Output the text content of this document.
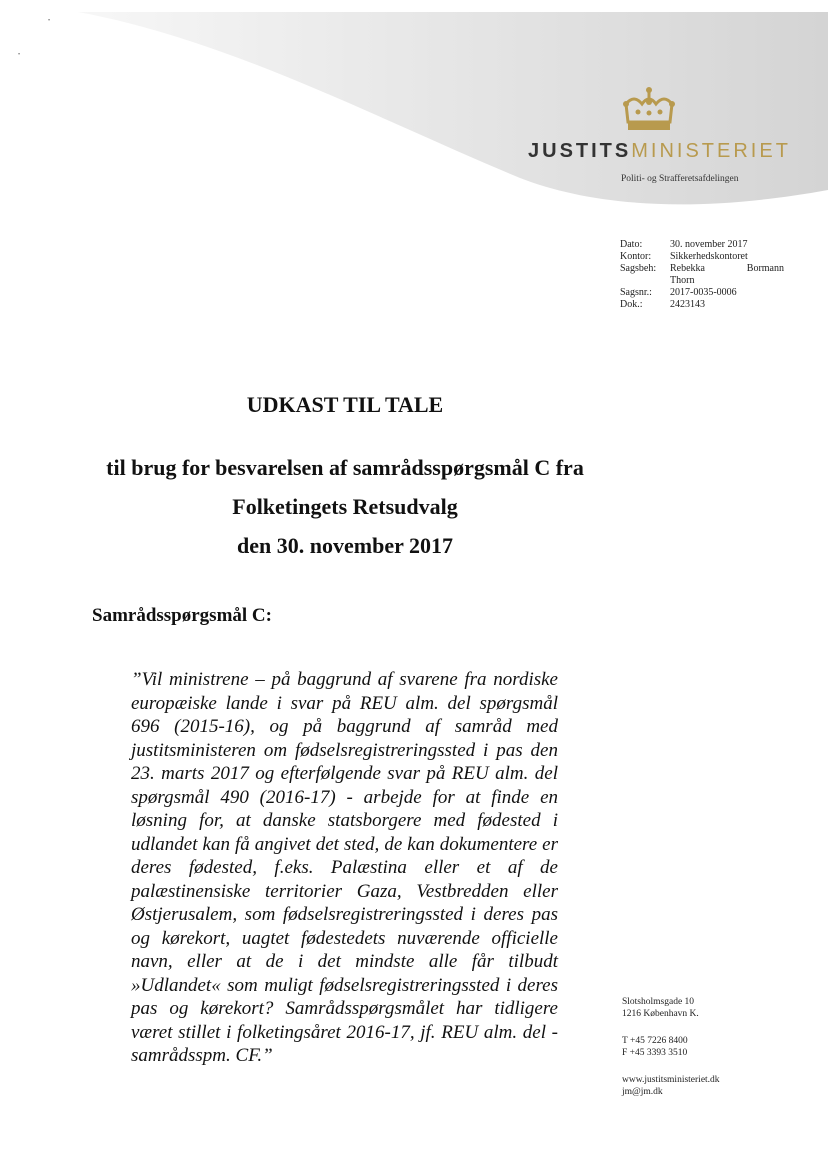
•
•
JUSTITSMINISTERIET
Politi- og Strafferetsafdelingen
Dato:	30. november 2017
Kontor:	Sikkerhedskontoret
Sagsbeh:	Rebekka	Bormann
Thorn
Sagsnr.:	2017-0035-0006
Dok.:	2423143
UDKAST TIL TALE
til brug for besvarelsen af samrådsspørgsmål C fra
Folketingets Retsudvalg
den 30. november 2017
Samrådsspørgsmål C:
”Vil ministrene – på baggrund af svarene fra nordiske europæiske lande i svar på REU alm. del spørgsmål 696 (2015-16), og på baggrund af samråd med justitsministeren om fødselsregistreringssted i pas den 23. marts 2017 og efterfølgende svar på REU alm. del spørgsmål 490 (2016-17) - arbejde for at finde en løsning for, at danske statsborgere med fødested i udlandet kan få angivet det sted, de kan dokumentere er deres fødested, f.eks. Palæstina eller et af de palæstinensiske territorier Gaza, Vestbredden eller Østjerusalem, som fødselsregistreringssted i deres pas og kørekort, uagtet fødestedets nuværende officielle navn, eller at de i det mindste alle får tilbudt »Udlandet« som muligt fødselsregistreringssted i deres pas og kørekort? Samrådsspørgsmålet har tidligere været stillet i folketingsåret 2016-17, jf. REU alm. del - samrådsspm. CF.”
Slotsholmsgade 10
1216 København K.
T +45 7226 8400
F +45 3393 3510
www.justitsministeriet.dk
jm@jm.dk
